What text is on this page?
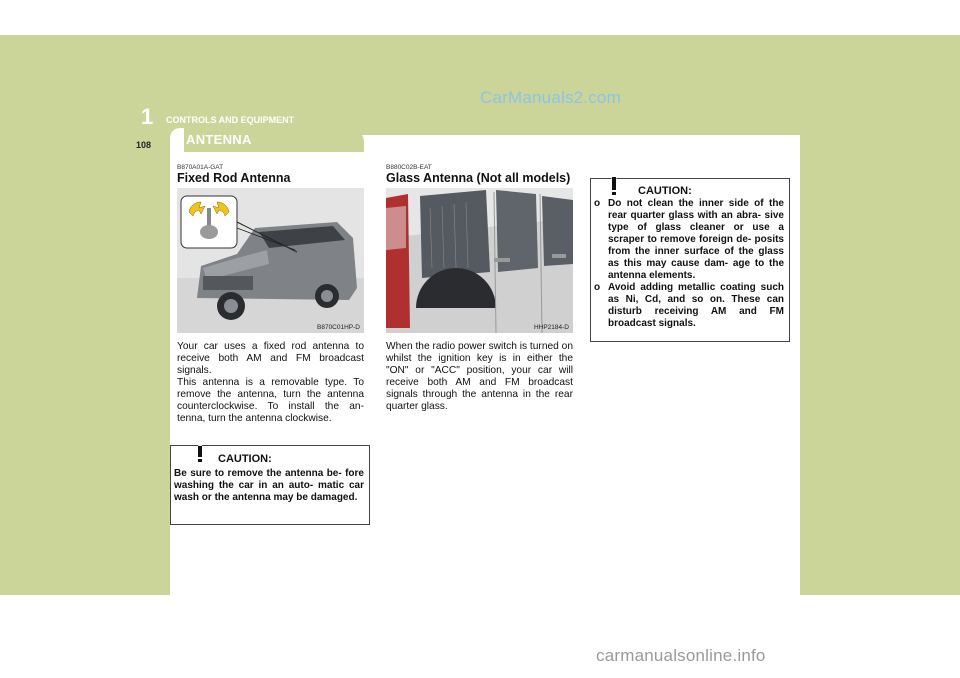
CarManuals2.com
1 CONTROLS AND EQUIPMENT
108	ANTENNA
B870A01A-GAT
Fixed Rod Antenna
B870C01HP-D

Your car uses a fixed rod antenna to receive both AM and FM broadcast signals.

This antenna is a removable type. To remove the antenna, turn the antenna counterclockwise. To install the an- tenna, turn the antenna clockwise.

CAUTION:
Be sure to remove the antenna be- fore washing the car in an auto- matic car wash or the antenna may be damaged.
B880C02B-EAT
Glass Antenna (Not all models)
HHP2184-D
When the radio power switch is turned on whilst the ignition key is in either the "ON" or "ACC" position, your car will receive both AM and FM broadcast signals through the antenna in the rear quarter glass.
CAUTION:
o Do not clean the inner side of the rear quarter glass with an abra- sive type of glass cleaner or use a scraper to remove foreign de- posits from the inner surface of the glass as this may cause dam- age to the antenna elements.
o Avoid adding metallic coating such as Ni, Cd, and so on. These can disturb receiving AM and FM broadcast signals.
carmanualsonline.info
